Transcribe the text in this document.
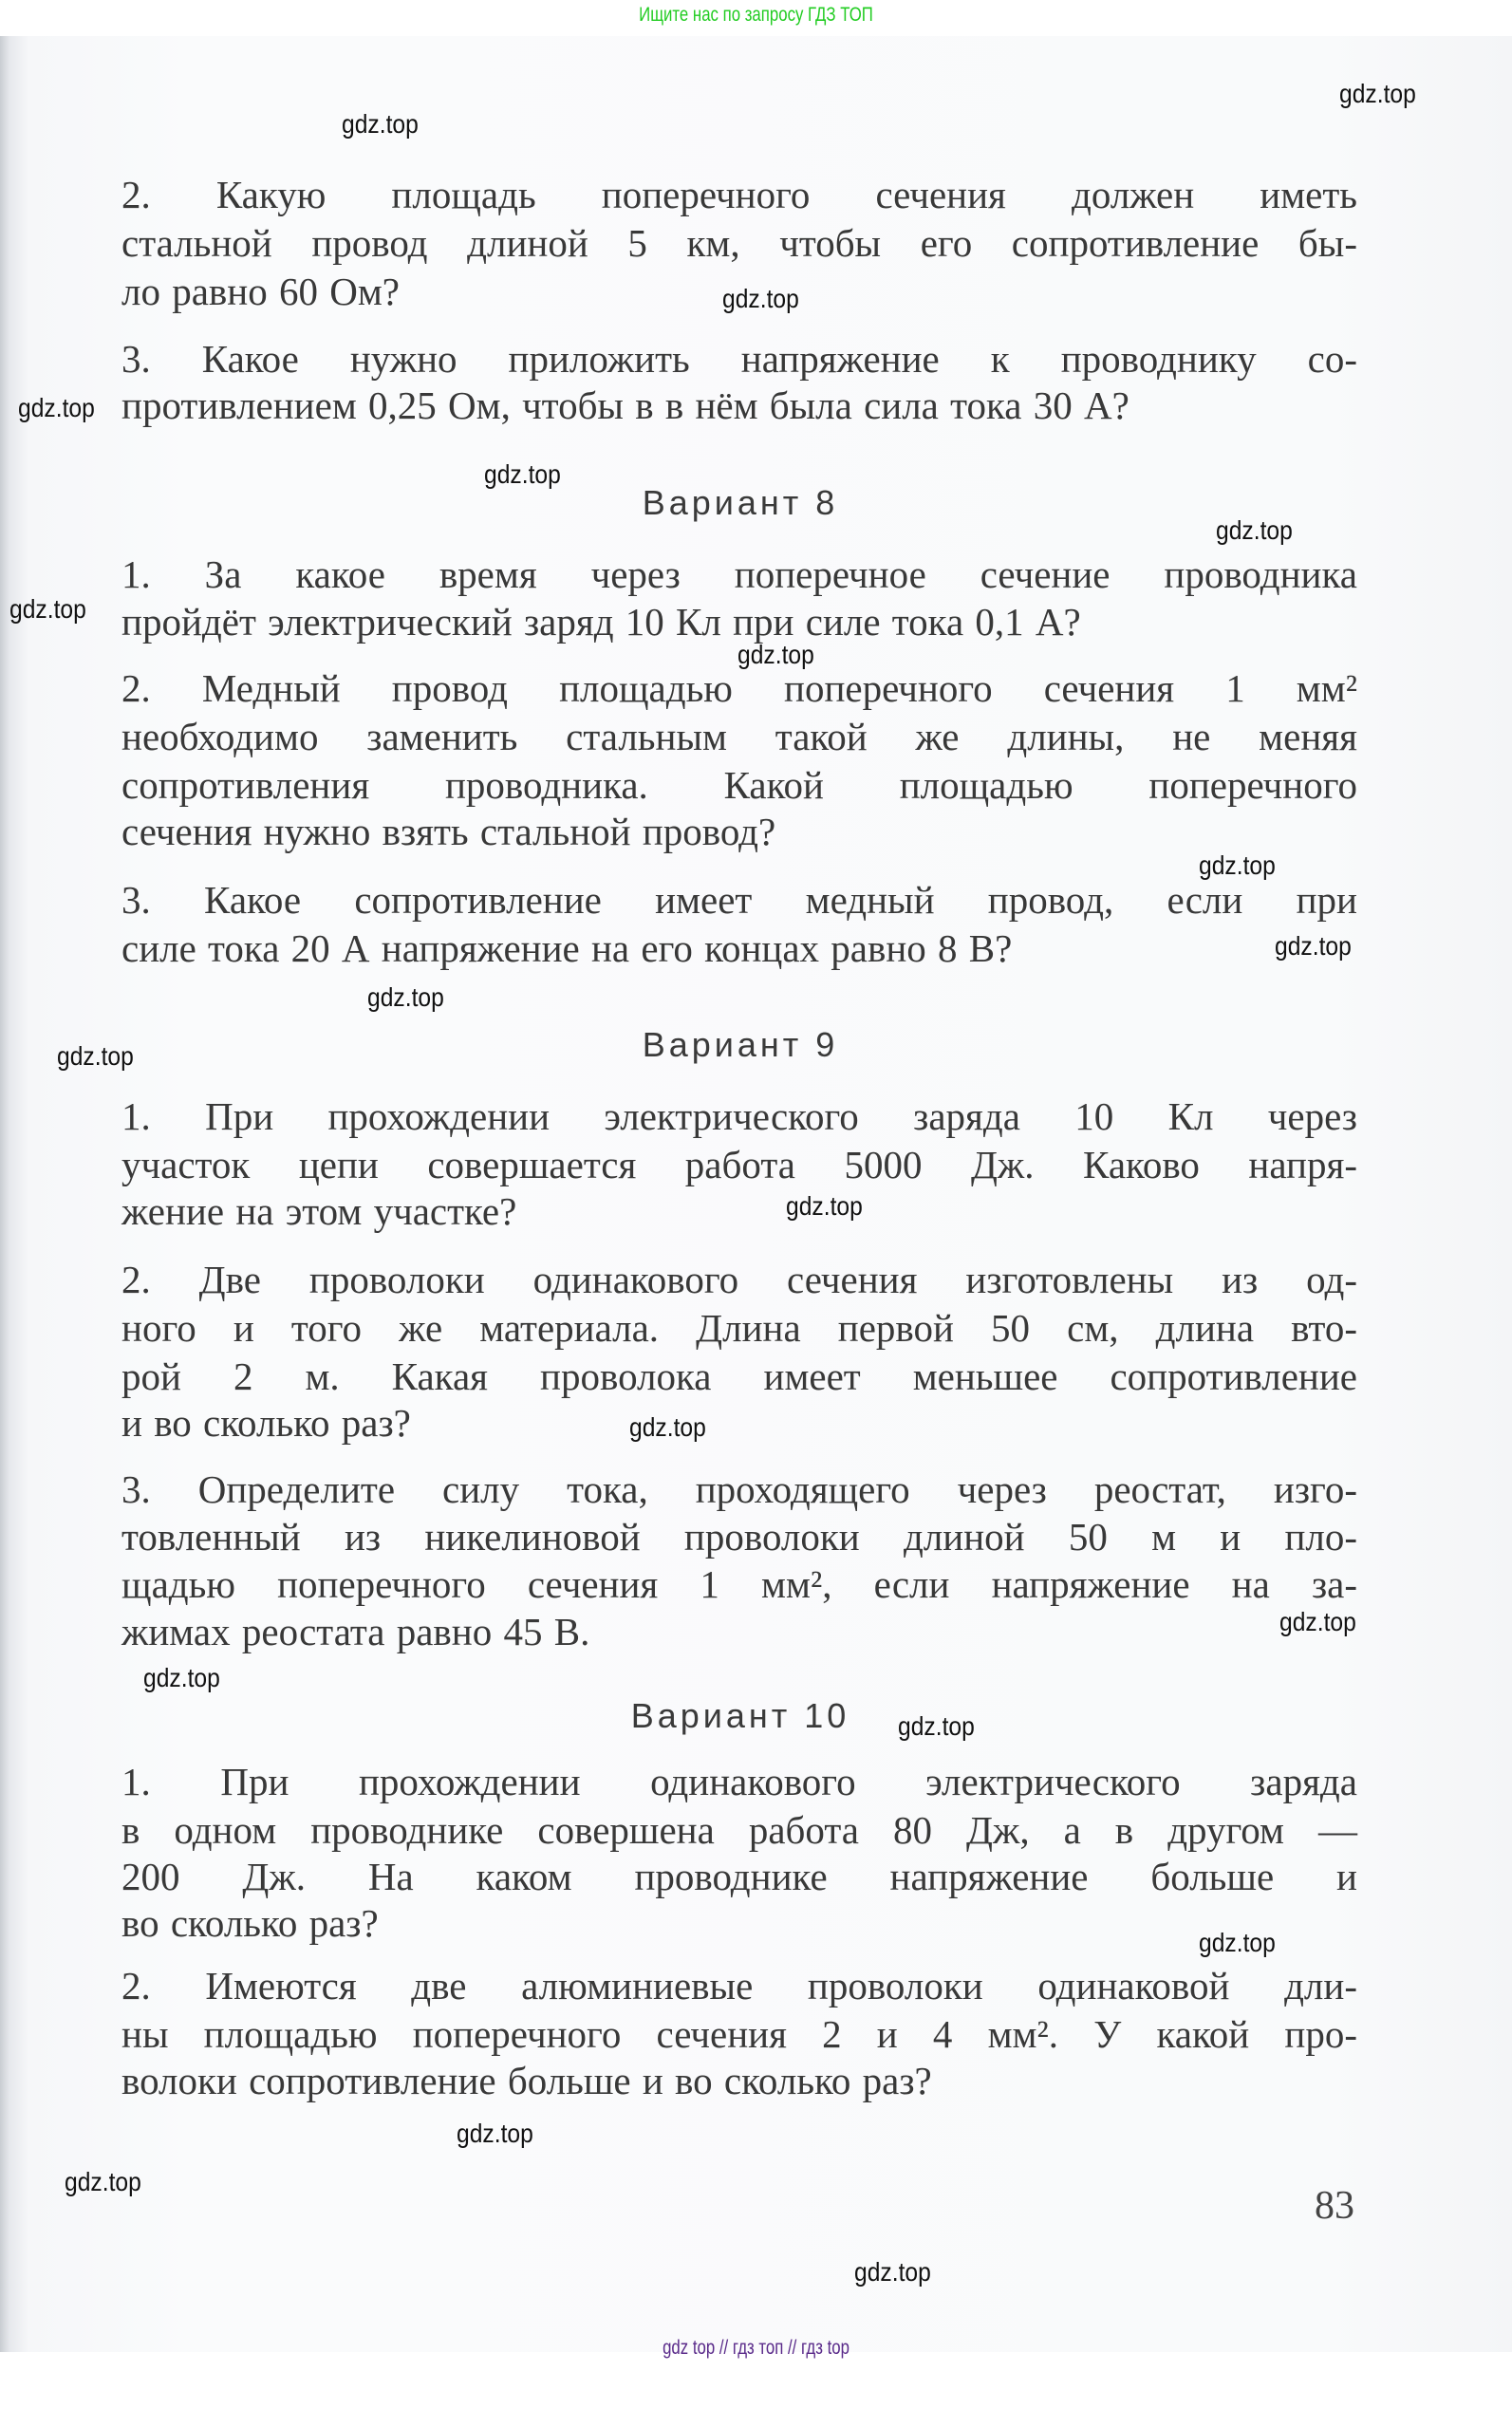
Ищите нас по запросу ГДЗ ТОП
2. Какую площадь поперечного сечения должен иметь
стальной провод длиной 5 км, чтобы его сопротивление бы-
ло равно 60 Ом?
3. Какое нужно приложить напряжение к проводнику со-
противлением 0,25 Ом, чтобы в в нём была сила тока 30 А?
Вариант 8
1. За какое время через поперечное сечение проводника
пройдёт электрический заряд 10 Кл при силе тока 0,1 А?
2. Медный провод площадью поперечного сечения 1 мм²
необходимо заменить стальным такой же длины, не меняя
сопротивления проводника. Какой площадью поперечного
сечения нужно взять стальной провод?
3. Какое сопротивление имеет медный провод, если при
силе тока 20 А напряжение на его концах равно 8 В?
Вариант 9
1. При прохождении электрического заряда 10 Кл через
участок цепи совершается работа 5000 Дж. Каково напря-
жение на этом участке?
2. Две проволоки одинакового сечения изготовлены из од-
ного и того же материала. Длина первой 50 см, длина вто-
рой 2 м. Какая проволока имеет меньшее сопротивление
и во сколько раз?
3. Определите силу тока, проходящего через реостат, изго-
товленный из никелиновой проволоки длиной 50 м и пло-
щадью поперечного сечения 1 мм², если напряжение на за-
жимах реостата равно 45 В.
Вариант 10
1. При прохождении одинакового электрического заряда
в одном проводнике совершена работа 80 Дж, а в другом —
200 Дж. На каком проводнике напряжение больше и
во сколько раз?
2. Имеются две алюминиевые проволоки одинаковой дли-
ны площадью поперечного сечения 2 и 4 мм². У какой про-
волоки сопротивление больше и во сколько раз?
83
gdz.top
gdz.top
gdz.top
gdz.top
gdz.top
gdz.top
gdz.top
gdz.top
gdz.top
gdz.top
gdz.top
gdz.top
gdz.top
gdz.top
gdz.top
gdz.top
gdz.top
gdz.top
gdz.top
gdz.top
gdz.top
gdz top // гдз топ // гдз top
